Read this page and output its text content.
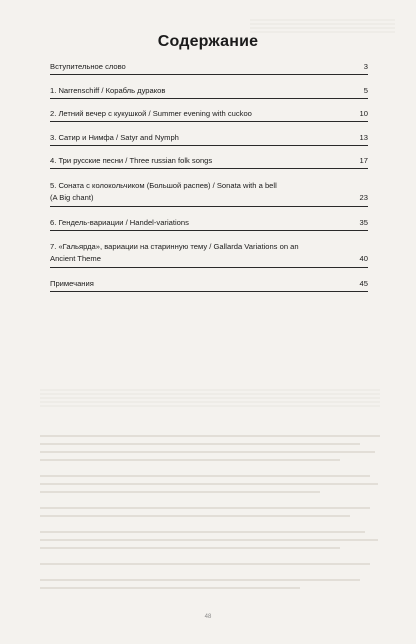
Содержание
Вступительное слово	3
1. Narrenschiff / Корабль дураков	5
2. Летний вечер с кукушкой / Summer evening with cuckoo	10
3. Сатир и Нимфа / Satyr and Nymph	13
4. Три русские песни / Three russian folk songs	17
5. Соната с колокольчиком (Большой распев) / Sonata with a bell
(A Big chant)	23
6. Гендель-вариации / Handel-variations	35
7. «Гальярда», вариации на старинную тему / Gallarda Variations on an
Ancient Theme	40
Примечания	45
48
